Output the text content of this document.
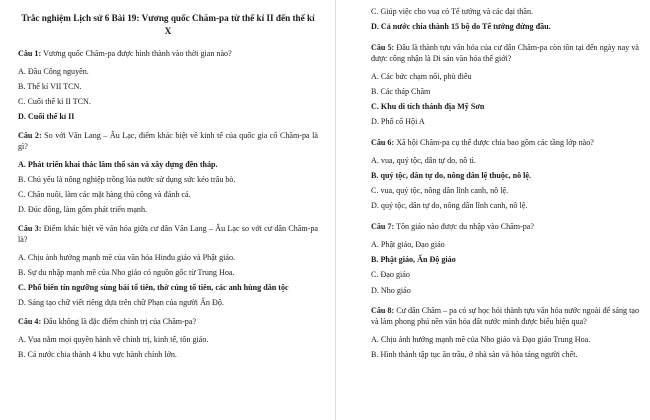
Trắc nghiệm Lịch sử 6 Bài 19: Vương quốc Chăm-pa từ thế kỉ II đến thế kỉ X
Câu 1: Vương quốc Chăm-pa được hình thành vào thời gian nào?
A. Đầu Công nguyên.
B. Thế kỉ VII TCN.
C. Cuối thế kỉ II TCN.
D. Cuối thế kỉ II
Câu 2: So với Văn Lang – Âu Lạc, điểm khác biệt về kinh tế của quốc gia cổ Chăm-pa là gì?
A. Phát triển khai thác lâm thổ sản và xây dựng đền tháp.
B. Chủ yếu là nông nghiệp trồng lúa nước sử dụng sức kéo trâu bò.
C. Chăn nuôi, làm các mặt hàng thủ công và đánh cá.
D. Đúc đồng, làm gốm phát triển mạnh.
Câu 3: Điểm khác biệt về văn hóa giữa cư dân Văn Lang – Âu Lạc so với cư dân Chăm-pa là?
A. Chịu ảnh hưởng mạnh mẽ của văn hóa Hinđu giáo và Phật giáo.
B. Sự du nhập mạnh mẽ của Nho giáo có nguồn gốc từ Trung Hoa.
C. Phổ biến tín ngưỡng sùng bái tổ tiên, thờ cúng tổ tiên, các anh hùng dân tộc
D. Sáng tạo chữ viết riêng dựa trên chữ Phạn của người Ấn Độ.
Câu 4: Đâu không là đặc điểm chính trị của Chăm-pa?
A. Vua nắm mọi quyền hành về chính trị, kinh tế, tôn giáo.
B. Cả nước chia thành 4 khu vực hành chính lớn.
C. Giúp việc cho vua có Tể tướng và các đại thần.
D. Cả nước chia thành 15 bộ do Tể tướng đứng đầu.
Câu 5: Đâu là thành tựu văn hóa của cư dân Chăm-pa còn tồn tại đến ngày nay và được công nhận là Di sản văn hóa thế giới?
A. Các bức chạm nổi, phù điêu
B. Các tháp Chăm
C. Khu di tích thánh địa Mỹ Sơn
D. Phố cổ Hội A
Câu 6: Xã hội Chăm-pa cụ thể được chia bao gồm các tầng lớp nào?
A. vua, quý tộc, dân tự do, nô tì.
B. quý tộc, dân tự do, nông dân lệ thuộc, nô lệ.
C. vua, quý tộc, nông dân lĩnh canh, nô lệ.
D. quý tộc, dân tự do, nông dân lĩnh canh, nô lệ.
Câu 7: Tôn giáo nào được du nhập vào Chăm-pa?
A. Phật giáo, Đạo giáo
B. Phật giáo, Ấn Độ giáo
C. Đạo giáo
D. Nho giáo
Câu 8: Cư dân Chăm – pa có sự học hỏi thành tựu văn hóa nước ngoài để sáng tạo và làm phong phú nền văn hóa đất nước mình được biểu hiện qua?
A. Chịu ảnh hưởng mạnh mẽ của Nho giáo và Đạo giáo Trung Hoa.
B. Hình thành tập tục ăn trầu, ở nhà sàn và hỏa táng người chết.
